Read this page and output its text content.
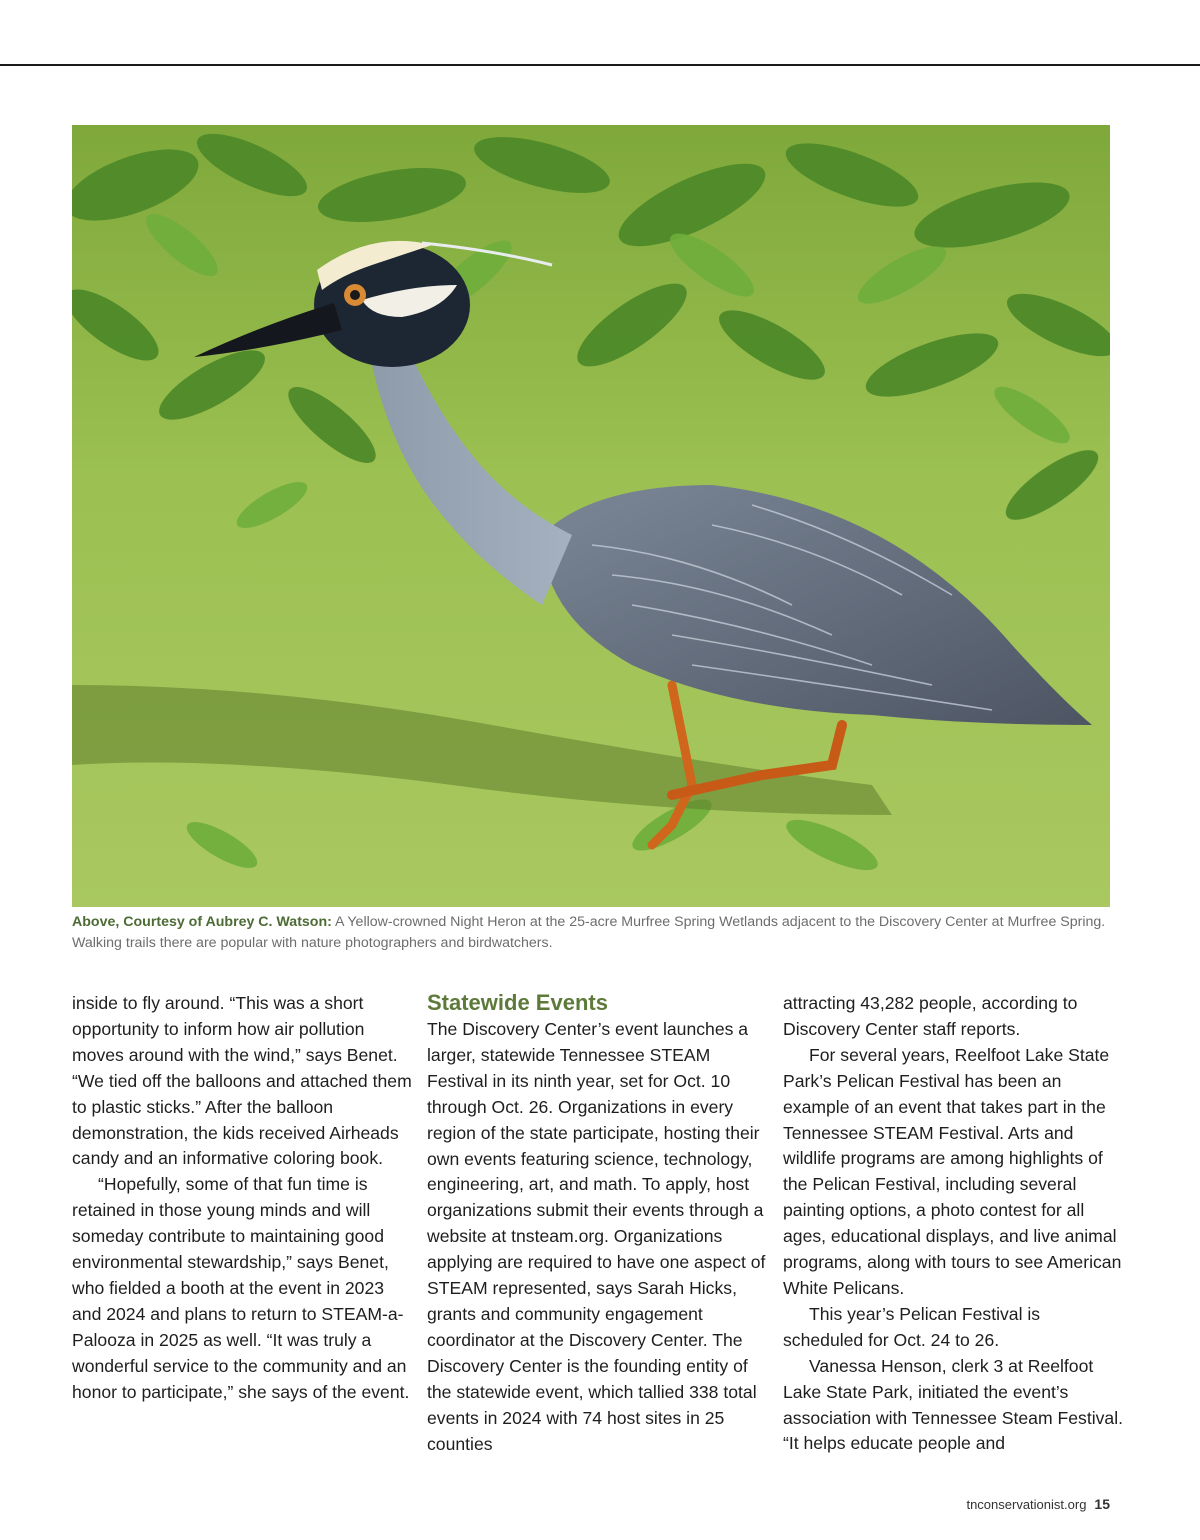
Above, Courtesy of Aubrey C. Watson: A Yellow-crowned Night Heron at the 25-acre Murfree Spring Wetlands adjacent to the Discovery Center at Murfree Spring. Walking trails there are popular with nature photographers and birdwatchers.

inside to fly around. “This was a short opportunity to inform how air pollution moves around with the wind,” says Benet. “We tied off the balloons and attached them to plastic sticks.” After the balloon demonstration, the kids received Airheads candy and an informative coloring book.

“Hopefully, some of that fun time is retained in those young minds and will someday contribute to maintaining good environmental stewardship,” says Benet, who fielded a booth at the event in 2023 and 2024 and plans to return to STEAM-a-Palooza in 2025 as well. “It was truly a wonderful service to the community and an honor to participate,” she says of the event.

Statewide Events

The Discovery Center’s event launches a larger, statewide Tennessee STEAM Festival in its ninth year, set for Oct. 10 through Oct. 26. Organizations in every region of the state participate, hosting their own events featuring science, technology, engineering, art, and math. To apply, host organizations submit their events through a website at tnsteam.org. Organizations applying are required to have one aspect of STEAM represented, says Sarah Hicks, grants and community engagement coordinator at the Discovery Center. The Discovery Center is the founding entity of the statewide event, which tallied 338 total events in 2024 with 74 host sites in 25 counties

attracting 43,282 people, according to Discovery Center staff reports.

For several years, Reelfoot Lake State Park’s Pelican Festival has been an example of an event that takes part in the Tennessee STEAM Festival. Arts and wildlife programs are among highlights of the Pelican Festival, including several painting options, a photo contest for all ages, educational displays, and live animal programs, along with tours to see American White Pelicans.

This year’s Pelican Festival is scheduled for Oct. 24 to 26.

Vanessa Henson, clerk 3 at Reelfoot Lake State Park, initiated the event’s association with Tennessee Steam Festival. “It helps educate people and

tnconservationist.org 15
